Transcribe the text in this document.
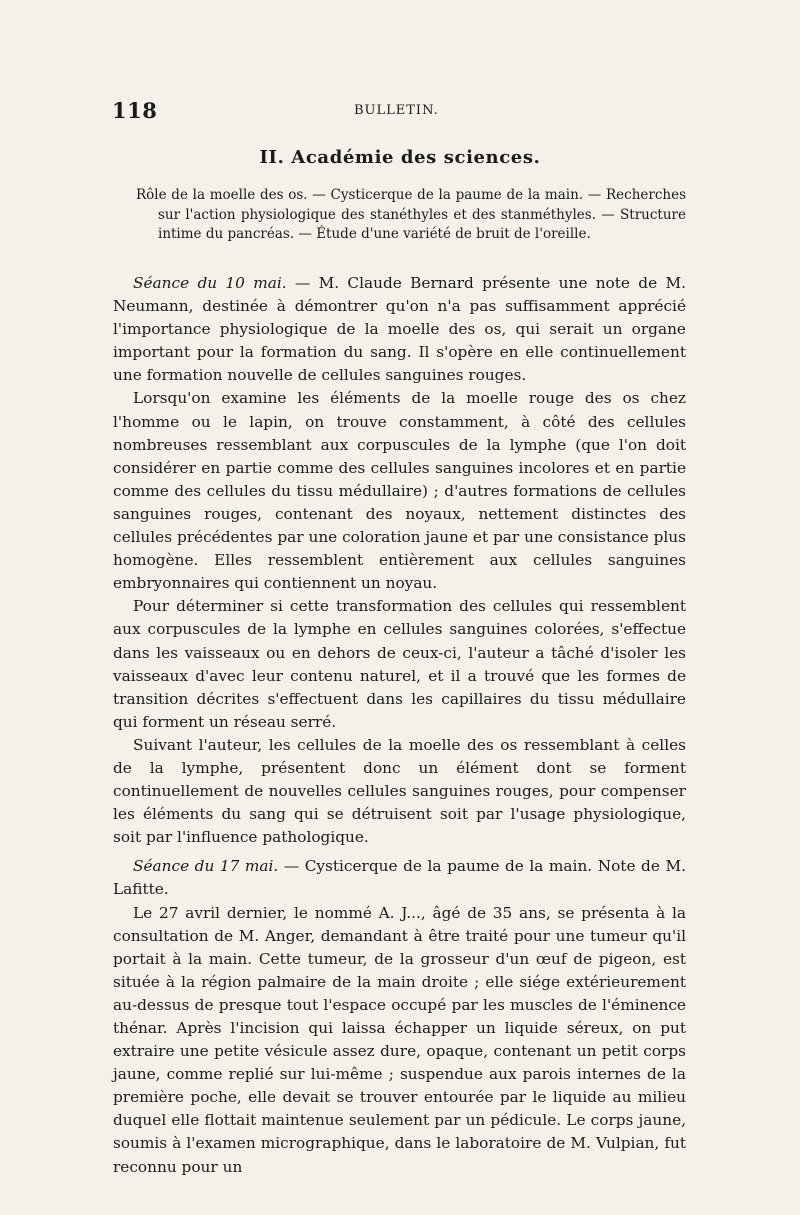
118	BULLETIN.
II. Académie des sciences.
Rôle de la moelle des os. — Cysticerque de la paume de la main. — Recherches sur l'action physiologique des stanéthyles et des stanméthyles. — Structure intime du pancréas. — Étude d'une variété de bruit de l'oreille.

Séance du 10 mai. — M. Claude Bernard présente une note de M. Neumann, destinée à démontrer qu'on n'a pas suffisamment apprécié l'importance physiologique de la moelle des os, qui serait un organe important pour la formation du sang. Il s'opère en elle continuellement une formation nouvelle de cellules sanguines rouges.

Lorsqu'on examine les éléments de la moelle rouge des os chez l'homme ou le lapin, on trouve constamment, à côté des cellules nombreuses ressemblant aux corpuscules de la lymphe (que l'on doit considérer en partie comme des cellules sanguines incolores et en partie comme des cellules du tissu médullaire) ; d'autres formations de cellules sanguines rouges, contenant des noyaux, nettement distinctes des cellules précédentes par une coloration jaune et par une consistance plus homogène. Elles ressemblent entièrement aux cellules sanguines embryonnaires qui contiennent un noyau.

Pour déterminer si cette transformation des cellules qui ressemblent aux corpuscules de la lymphe en cellules sanguines colorées, s'effectue dans les vaisseaux ou en dehors de ceux-ci, l'auteur a tâché d'isoler les vaisseaux d'avec leur contenu naturel, et il a trouvé que les formes de transition décrites s'effectuent dans les capillaires du tissu médullaire qui forment un réseau serré.

Suivant l'auteur, les cellules de la moelle des os ressemblant à celles de la lymphe, présentent donc un élément dont se forment continuellement de nouvelles cellules sanguines rouges, pour compenser les éléments du sang qui se détruisent soit par l'usage physiologique, soit par l'influence pathologique.

Séance du 17 mai. — Cysticerque de la paume de la main. Note de M. Lafitte.

Le 27 avril dernier, le nommé A. J..., âgé de 35 ans, se présenta à la consultation de M. Anger, demandant à être traité pour une tumeur qu'il portait à la main. Cette tumeur, de la grosseur d'un œuf de pigeon, est située à la région palmaire de la main droite ; elle siége extérieurement au-dessus de presque tout l'espace occupé par les muscles de l'éminence thénar. Après l'incision qui laissa échapper un liquide séreux, on put extraire une petite vésicule assez dure, opaque, contenant un petit corps jaune, comme replié sur lui-même ; suspendue aux parois internes de la première poche, elle devait se trouver entourée par le liquide au milieu duquel elle flottait maintenue seulement par un pédicule. Le corps jaune, soumis à l'examen micrographique, dans le laboratoire de M. Vulpian, fut reconnu pour un
